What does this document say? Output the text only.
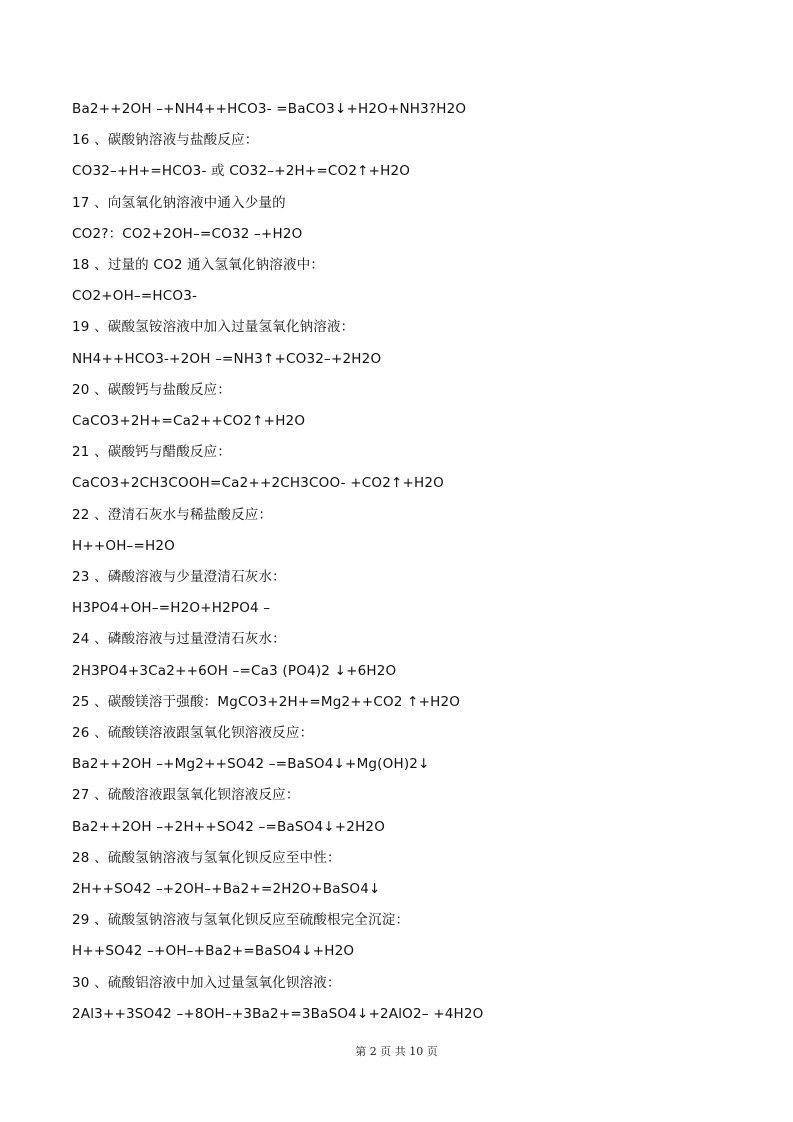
Ba2++2OH –+NH4++HCO3- =BaCO3↓+H2O+NH3?H2O
16 、碳酸钠溶液与盐酸反应：
CO32–+H+=HCO3- 或 CO32–+2H+=CO2↑+H2O
17 、向氢氧化钠溶液中通入少量的
CO2?：CO2+2OH–=CO32 –+H2O
18 、过量的 CO2 通入氢氧化钠溶液中：
CO2+OH–=HCO3-
19 、碳酸氢铵溶液中加入过量氢氧化钠溶液：
NH4++HCO3-+2OH –=NH3↑+CO32–+2H2O
20 、碳酸钙与盐酸反应：
CaCO3+2H+=Ca2++CO2↑+H2O
21 、碳酸钙与醋酸反应：
CaCO3+2CH3COOH=Ca2++2CH3COO- +CO2↑+H2O
22 、澄清石灰水与稀盐酸反应：
H++OH–=H2O
23 、磷酸溶液与少量澄清石灰水：
H3PO4+OH–=H2O+H2PO4 –
24 、磷酸溶液与过量澄清石灰水：
2H3PO4+3Ca2++6OH –=Ca3 (PO4)2 ↓+6H2O
25 、碳酸镁溶于强酸：MgCO3+2H+=Mg2++CO2 ↑+H2O
26 、硫酸镁溶液跟氢氧化钡溶液反应：
Ba2++2OH –+Mg2++SO42 –=BaSO4↓+Mg(OH)2↓
27 、硫酸溶液跟氢氧化钡溶液反应：
Ba2++2OH –+2H++SO42 –=BaSO4↓+2H2O
28 、硫酸氢钠溶液与氢氧化钡反应至中性：
2H++SO42 –+2OH–+Ba2+=2H2O+BaSO4↓
29 、硫酸氢钠溶液与氢氧化钡反应至硫酸根完全沉淀：
H++SO42 –+OH–+Ba2+=BaSO4↓+H2O
30 、硫酸铝溶液中加入过量氢氧化钡溶液：
2Al3++3SO42 –+8OH–+3Ba2+=3BaSO4↓+2AlO2– +4H2O
第 2 页 共 10 页
